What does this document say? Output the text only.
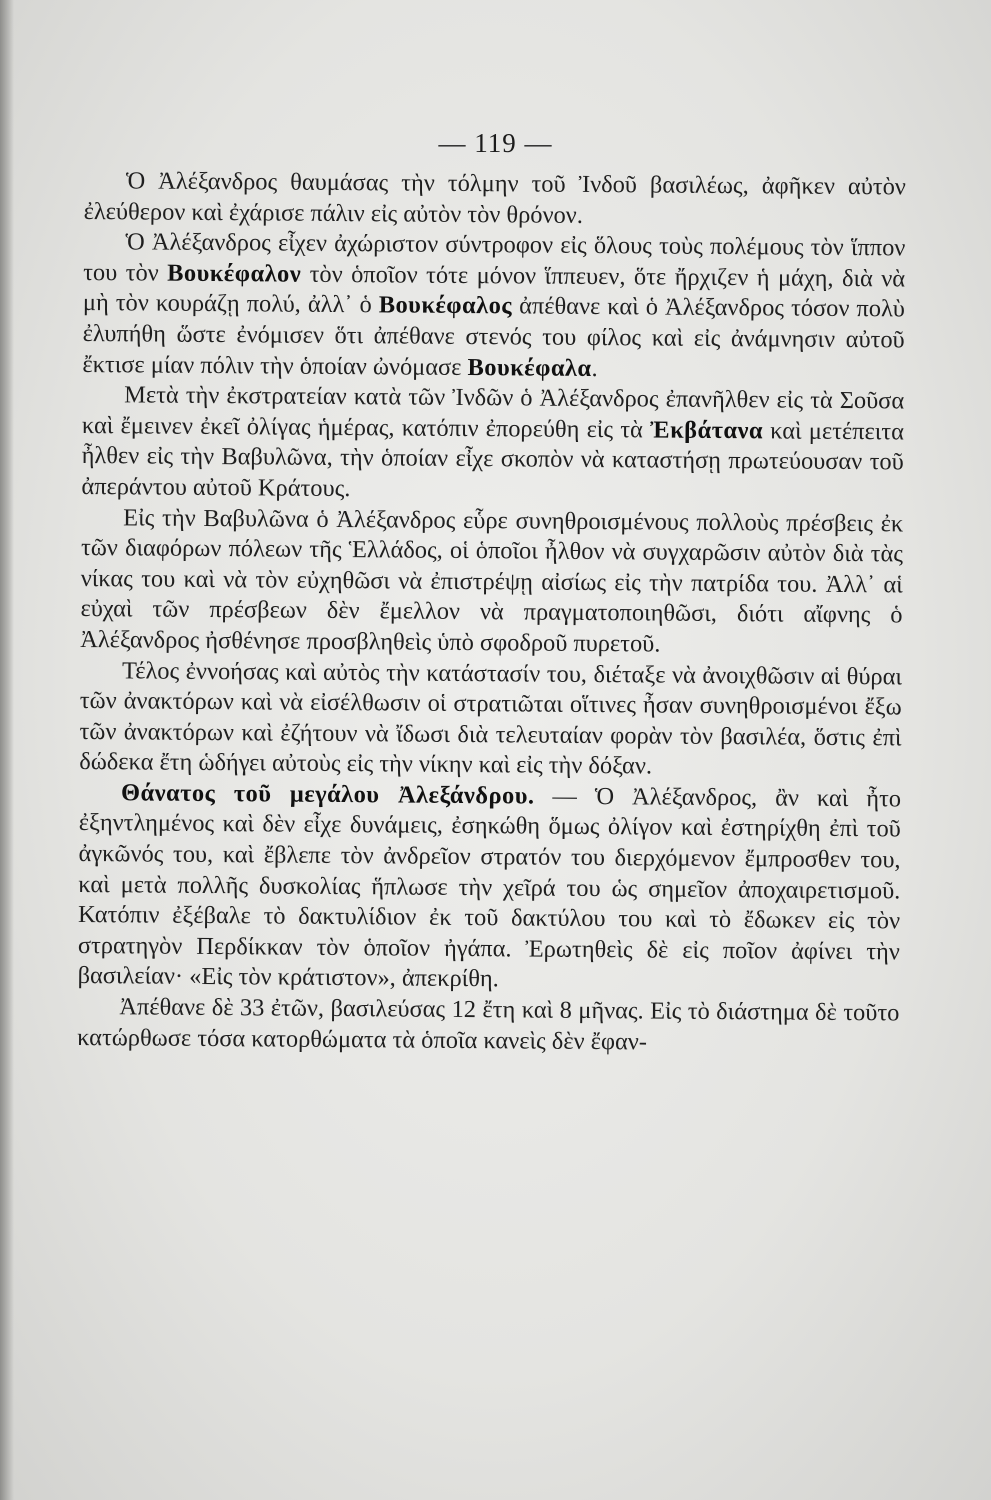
— 119 —

Ὁ Ἀλέξανδρος θαυμάσας τὴν τόλμην τοῦ Ἰνδοῦ βασιλέως, ἀφῆκεν αὐτὸν ἐλεύθερον καὶ ἐχάρισε πάλιν εἰς αὐτὸν τὸν θρόνον.

Ὁ Ἀλέξανδρος εἶχεν ἀχώριστον σύντροφον εἰς ὅλους τοὺς πολέμους τὸν ἵππον του τὸν Βουκέφαλον τὸν ὁποῖον τότε μόνον ἵππευεν, ὅτε ἤρχιζεν ἡ μάχη, διὰ νὰ μὴ τὸν κουράζῃ πολύ, ἀλλ᾽ ὁ Βουκέφαλος ἀπέθανε καὶ ὁ Ἀλέξανδρος τόσον πολὺ ἐλυπήθη ὥστε ἐνόμισεν ὅτι ἀπέθανε στενός του φίλος καὶ εἰς ἀνάμνησιν αὐτοῦ ἔκτισε μίαν πόλιν τὴν ὁποίαν ὠνόμασε Βουκέφαλα.

Μετὰ τὴν ἐκστρατείαν κατὰ τῶν Ἰνδῶν ὁ Ἀλέξανδρος ἐπανῆλθεν εἰς τὰ Σοῦσα καὶ ἔμεινεν ἐκεῖ ὀλίγας ἡμέρας, κατόπιν ἐπορεύθη εἰς τὰ Ἐκβάτανα καὶ μετέπειτα ἦλθεν εἰς τὴν Βαβυλῶνα, τὴν ὁποίαν εἶχε σκοπὸν νὰ καταστήσῃ πρωτεύουσαν τοῦ ἀπεράντου αὐτοῦ Κράτους.

Εἰς τὴν Βαβυλῶνα ὁ Ἀλέξανδρος εὗρε συνηθροισμένους πολλοὺς πρέσβεις ἐκ τῶν διαφόρων πόλεων τῆς Ἑλλάδος, οἱ ὁποῖοι ἦλθον νὰ συγχαρῶσιν αὐτὸν διὰ τὰς νίκας του καὶ νὰ τὸν εὐχηθῶσι νὰ ἐπιστρέψῃ αἰσίως εἰς τὴν πατρίδα του. Ἀλλ᾽ αἱ εὐχαὶ τῶν πρέσβεων δὲν ἔμελλον νὰ πραγματοποιηθῶσι, διότι αἴφνης ὁ Ἀλέξανδρος ἠσθένησε προσβληθεὶς ὑπὸ σφοδροῦ πυρετοῦ.

Τέλος ἐννοήσας καὶ αὐτὸς τὴν κατάστασίν του, διέταξε νὰ ἀνοιχθῶσιν αἱ θύραι τῶν ἀνακτόρων καὶ νὰ εἰσέλθωσιν οἱ στρατιῶται οἵτινες ἦσαν συνηθροισμένοι ἔξω τῶν ἀνακτόρων καὶ ἐζήτουν νὰ ἴδωσι διὰ τελευταίαν φορὰν τὸν βασιλέα, ὅστις ἐπὶ δώδεκα ἔτη ὡδήγει αὐτοὺς εἰς τὴν νίκην καὶ εἰς τὴν δόξαν.

Θάνατος τοῦ μεγάλου Ἀλεξάνδρου. — Ὁ Ἀλέξανδρος, ἂν καὶ ἦτο ἐξηντλημένος καὶ δὲν εἶχε δυνάμεις, ἐσηκώθη ὅμως ὀλίγον καὶ ἐστηρίχθη ἐπὶ τοῦ ἀγκῶνός του, καὶ ἔβλεπε τὸν ἀνδρεῖον στρατόν του διερχόμενον ἔμπροσθεν του, καὶ μετὰ πολλῆς δυσκολίας ἥπλωσε τὴν χεῖρά του ὡς σημεῖον ἀποχαιρετισμοῦ. Κατόπιν ἐξέβαλε τὸ δακτυλίδιον ἐκ τοῦ δακτύλου του καὶ τὸ ἔδωκεν εἰς τὸν στρατηγὸν Περδίκκαν τὸν ὁποῖον ἠγάπα. Ἐρωτηθεὶς δὲ εἰς ποῖον ἀφίνει τὴν βασιλείαν· «Εἰς τὸν κράτιστον», ἀπεκρίθη.

Ἀπέθανε δὲ 33 ἐτῶν, βασιλεύσας 12 ἔτη καὶ 8 μῆνας. Εἰς τὸ διάστημα δὲ τοῦτο κατώρθωσε τόσα κατορθώματα τὰ ὁποῖα κανεὶς δὲν ἔφαν-
